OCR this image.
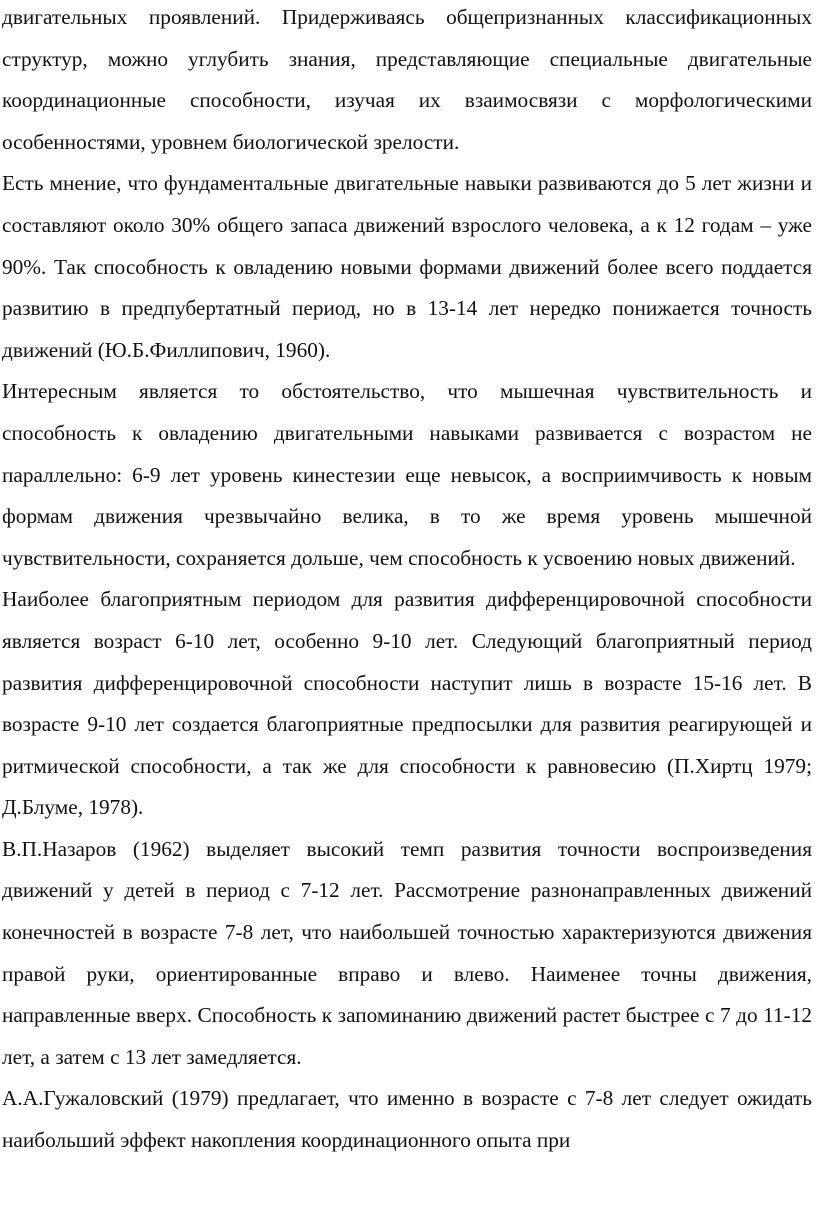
двигательных проявлений. Придерживаясь общепризнанных классификационных структур, можно углубить знания, представляющие специальные двигательные координационные способности, изучая их взаимосвязи с морфологическими особенностями, уровнем биологической зрелости.

Есть мнение, что фундаментальные двигательные навыки развиваются до 5 лет жизни и составляют около 30% общего запаса движений взрослого человека, а к 12 годам – уже 90%. Так способность к овладению новыми формами движений более всего поддается развитию в предпубертатный период, но в 13-14 лет нередко понижается точность движений (Ю.Б.Филлипович, 1960).

Интересным является то обстоятельство, что мышечная чувствительность и способность к овладению двигательными навыками развивается с возрастом не параллельно: 6-9 лет уровень кинестезии еще невысок, а восприимчивость к новым формам движения чрезвычайно велика, в то же время уровень мышечной чувствительности, сохраняется дольше, чем способность к усвоению новых движений.

Наиболее благоприятным периодом для развития дифференцировочной способности является возраст 6-10 лет, особенно 9-10 лет. Следующий благоприятный период развития дифференцировочной способности наступит лишь в возрасте 15-16 лет. В возрасте 9-10 лет создается благоприятные предпосылки для развития реагирующей и ритмической способности, а так же для способности к равновесию (П.Хиртц 1979; Д.Блуме, 1978).

В.П.Назаров (1962) выделяет высокий темп развития точности воспроизведения движений у детей в период с 7-12 лет. Рассмотрение разнонаправленных движений конечностей в возрасте 7-8 лет, что наибольшей точностью характеризуются движения правой руки, ориентированные вправо и влево. Наименее точны движения, направленные вверх. Способность к запоминанию движений растет быстрее с 7 до 11-12 лет, а затем с 13 лет замедляется.

А.А.Гужаловский (1979) предлагает, что именно в возрасте с 7-8 лет следует ожидать наибольший эффект накопления координационного опыта при
